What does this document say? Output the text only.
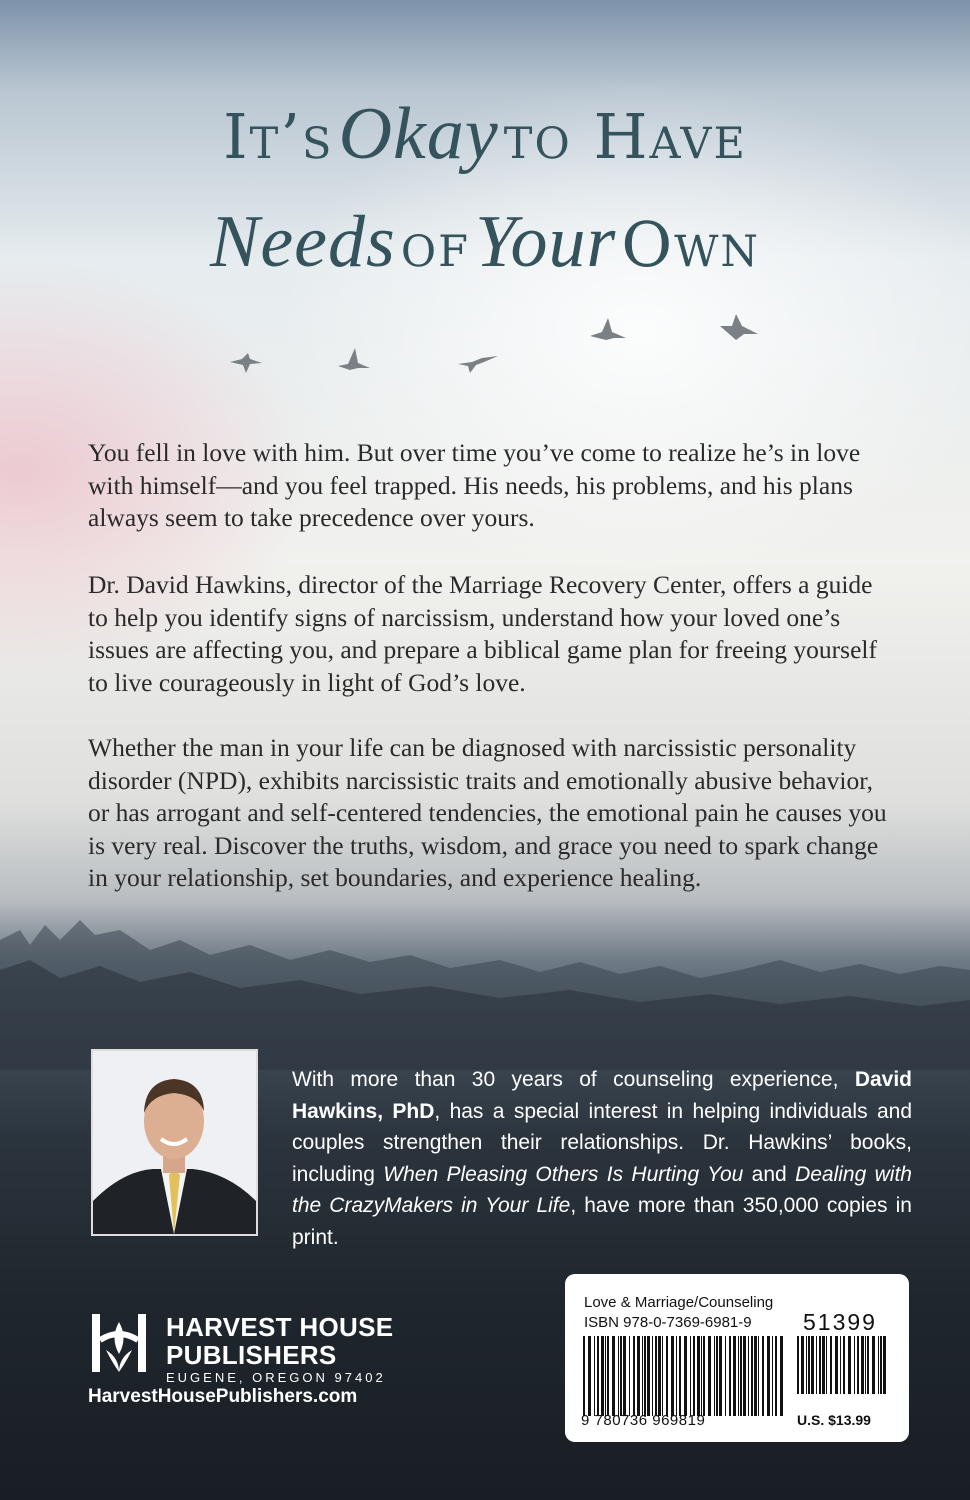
It’s Okay to Have
Needs of Your Own

You fell in love with him. But over time you’ve come to realize he’s in love with himself—and you feel trapped. His needs, his problems, and his plans always seem to take precedence over yours.

Dr. David Hawkins, director of the Marriage Recovery Center, offers a guide to help you identify signs of narcissism, understand how your loved one’s issues are affecting you, and prepare a biblical game plan for freeing yourself to live courageously in light of God’s love.

Whether the man in your life can be diagnosed with narcissistic personality disorder (NPD), exhibits narcissistic traits and emotionally abusive behavior, or has arrogant and self-centered tendencies, the emotional pain he causes you is very real. Discover the truths, wisdom, and grace you need to spark change in your relationship, set boundaries, and experience healing.

With more than 30 years of counseling experience, David Hawkins, PhD, has a special interest in helping individuals and couples strengthen their relationships. Dr. Hawkins’ books, including When Pleasing Others Is Hurting You and Dealing with the CrazyMakers in Your Life, have more than 350,000 copies in print.

HARVEST HOUSE
PUBLISHERS
EUGENE, OREGON 97402
HarvestHousePublishers.com
Love & Marriage/Counseling
ISBN 978-0-7369-6981-9 51399
9 780736 969819	U.S. $13.99
